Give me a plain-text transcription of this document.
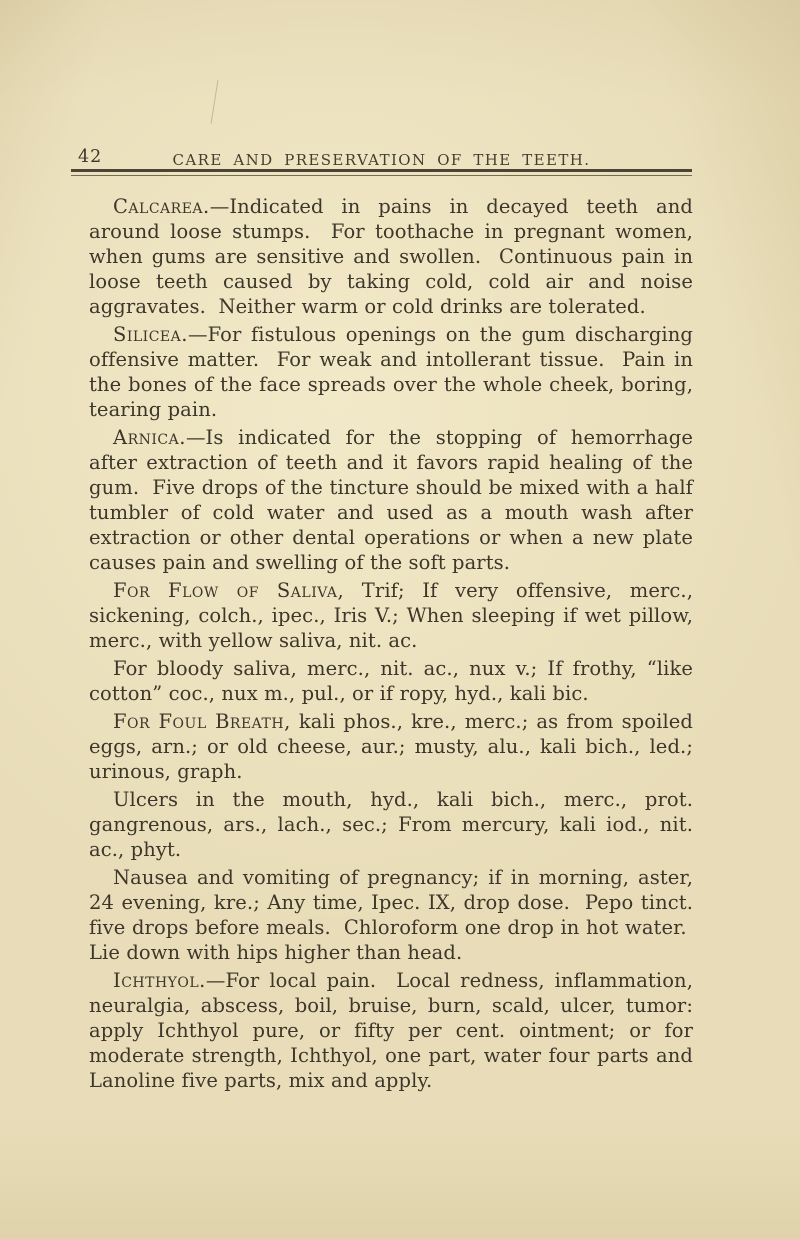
42	CARE AND PRESERVATION OF THE TEETH.

Calcarea.—Indicated in pains in decayed teeth and around loose stumps.  For toothache in pregnant women, when gums are sensitive and swollen.  Continuous pain in loose teeth caused by taking cold, cold air and noise aggravates.  Neither warm or cold drinks are tolerated.

Silicea.—For fistulous openings on the gum discharging offensive matter.  For weak and intollerant tissue.  Pain in the bones of the face spreads over the whole cheek, boring, tearing pain.

Arnica.—Is indicated for the stopping of hemorrhage after extraction of teeth and it favors rapid healing of the gum.  Five drops of the tincture should be mixed with a half tumbler of cold water and used as a mouth wash after extraction or other dental operations or when a new plate causes pain and swelling of the soft parts.

For Flow of Saliva, Trif; If very offensive, merc., sickening, colch., ipec., Iris V.; When sleeping if wet pillow, merc., with yellow saliva, nit. ac.

For bloody saliva, merc., nit. ac., nux v.; If frothy, “like cotton” coc., nux m., pul., or if ropy, hyd., kali bic.

For Foul Breath, kali phos., kre., merc.; as from spoiled eggs, arn.; or old cheese, aur.; musty, alu., kali bich., led.; urinous, graph.

Ulcers in the mouth, hyd., kali bich., merc., prot. gangrenous, ars., lach., sec.; From mercury, kali iod., nit. ac., phyt.

Nausea and vomiting of pregnancy; if in morning, aster, 24 evening, kre.; Any time, Ipec. IX, drop dose.  Pepo tinct. five drops before meals.  Chloroform one drop in hot water.  Lie down with hips higher than head.

Ichthyol.—For local pain.  Local redness, inflammation, neuralgia, abscess, boil, bruise, burn, scald, ulcer, tumor: apply Ichthyol pure, or fifty per cent. ointment; or for moderate strength, Ichthyol, one part, water four parts and Lanoline five parts, mix and apply.
